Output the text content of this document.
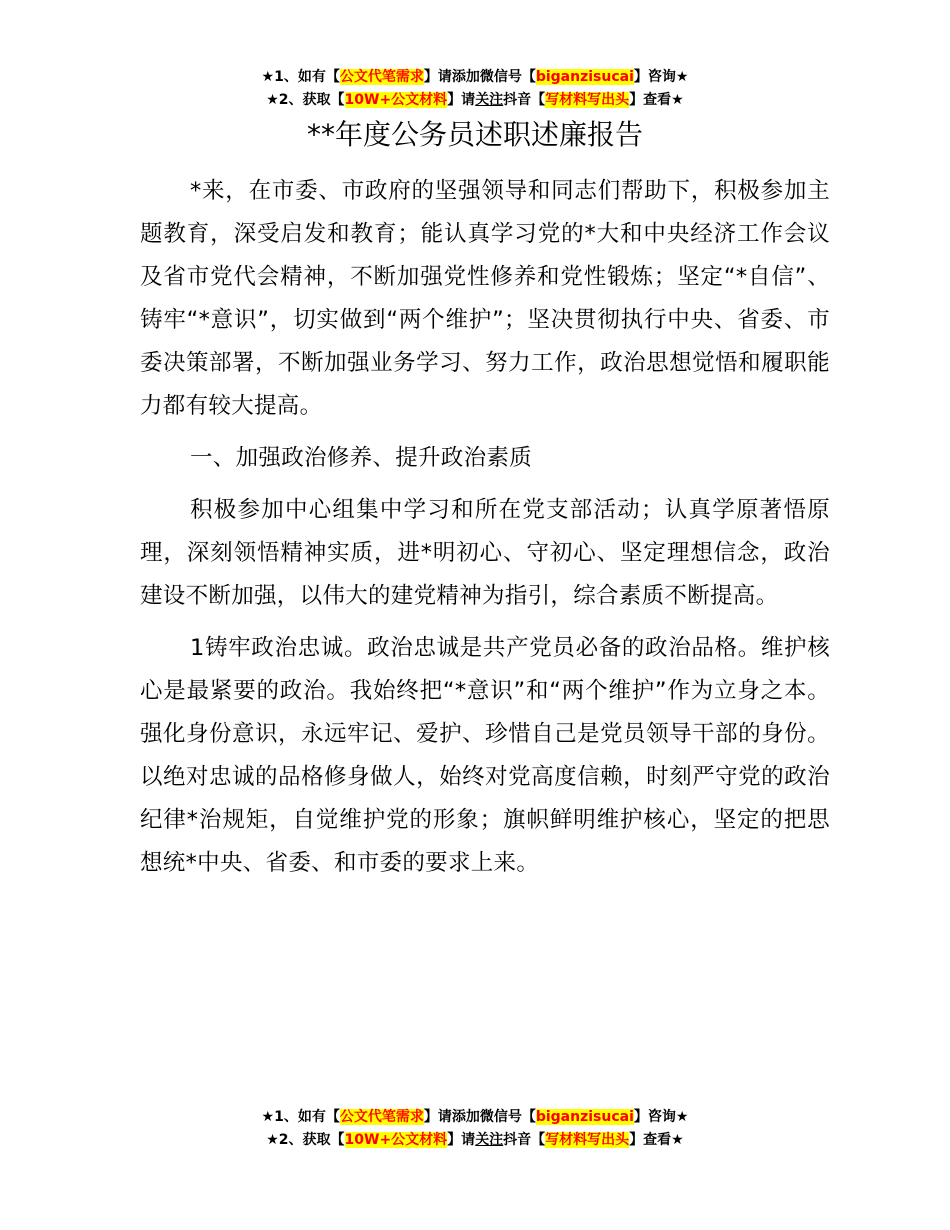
★1、如有【公文代笔需求】请添加微信号【biganzisucai】咨询★
★2、获取【10W+公文材料】请关注抖音【写材料写出头】查看★
**年度公务员述职述廉报告

*来，在市委、市政府的坚强领导和同志们帮助下，积极参加主题教育，深受启发和教育；能认真学习党的*大和中央经济工作会议及省市党代会精神，不断加强党性修养和党性锻炼；坚定“*自信”、铸牢“*意识”，切实做到“两个维护”；坚决贯彻执行中央、省委、市委决策部署，不断加强业务学习、努力工作，政治思想觉悟和履职能力都有较大提高。

一、加强政治修养、提升政治素质

积极参加中心组集中学习和所在党支部活动；认真学原著悟原理，深刻领悟精神实质，进*明初心、守初心、坚定理想信念，政治建设不断加强，以伟大的建党精神为指引，综合素质不断提高。

1铸牢政治忠诚。政治忠诚是共产党员必备的政治品格。维护核心是最紧要的政治。我始终把“*意识”和“两个维护”作为立身之本。强化身份意识，永远牢记、爱护、珍惜自己是党员领导干部的身份。以绝对忠诚的品格修身做人，始终对党高度信赖，时刻严守党的政治纪律*治规矩，自觉维护党的形象；旗帜鲜明维护核心，坚定的把思想统*中央、省委、和市委的要求上来。

★1、如有【公文代笔需求】请添加微信号【biganzisucai】咨询★
★2、获取【10W+公文材料】请关注抖音【写材料写出头】查看★
